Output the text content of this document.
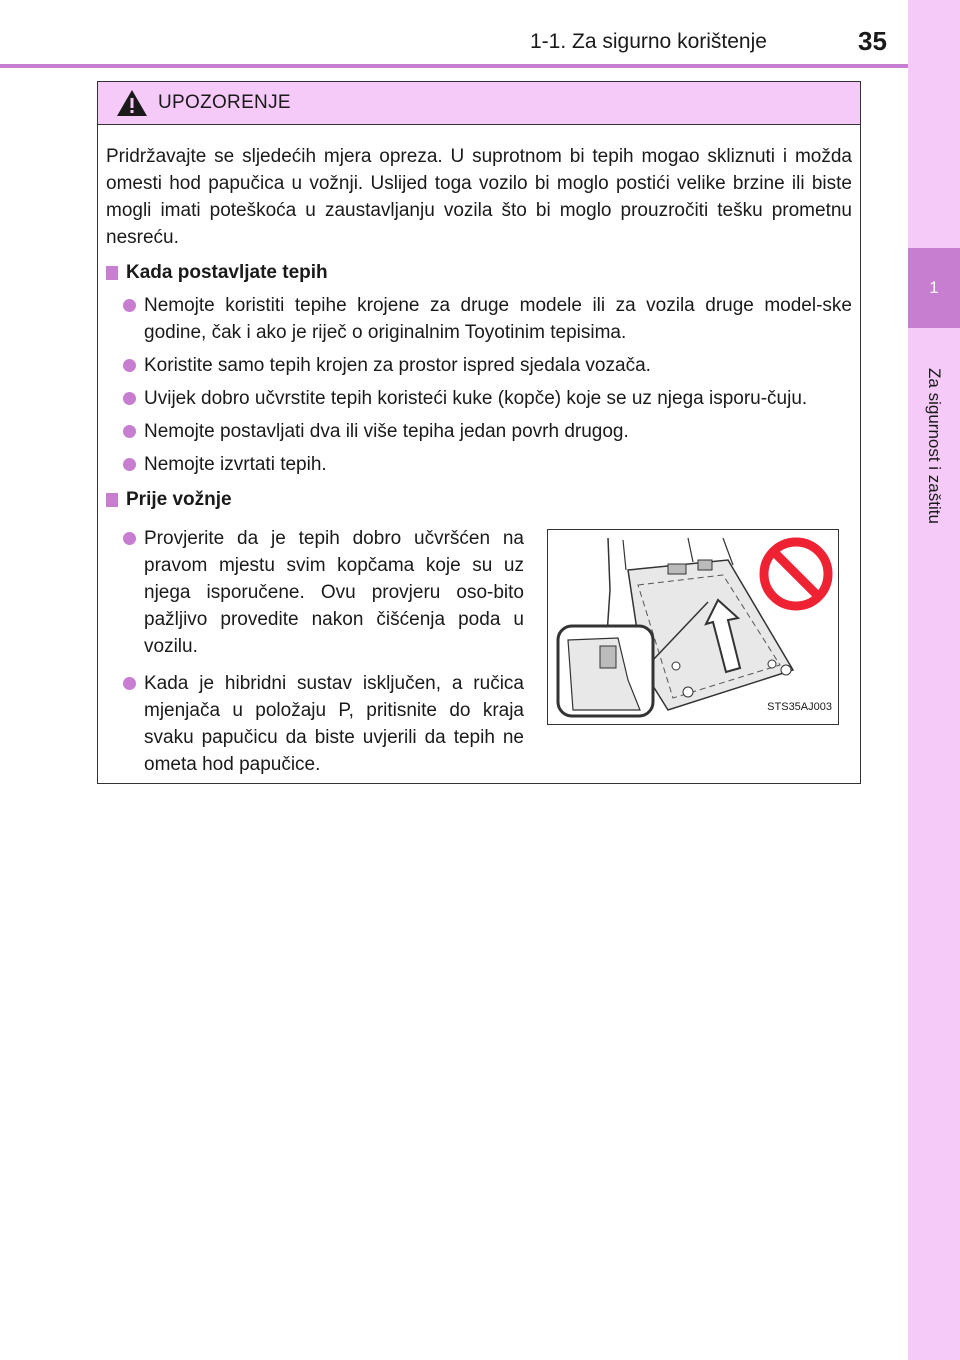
1-1. Za sigurno korištenje	35
1
Za sigurnost i zaštitu
UPOZORENJE

Pridržavajte se sljedećih mjera opreza. U suprotnom bi tepih mogao skliznuti i možda omesti hod papučica u vožnji. Uslijed toga vozilo bi moglo postići velike brzine ili biste mogli imati poteškoća u zaustavljanju vozila što bi moglo prouzročiti tešku prometnu nesreću.

Kada postavljate tepih
Nemojte koristiti tepihe krojene za druge modele ili za vozila druge model-ske godine, čak i ako je riječ o originalnim Toyotinim tepisima.
Koristite samo tepih krojen za prostor ispred sjedala vozača.
Uvijek dobro učvrstite tepih koristeći kuke (kopče) koje se uz njega isporu-čuju.
Nemojte postavljati dva ili više tepiha jedan povrh drugog.
Nemojte izvrtati tepih.
Prije vožnje
Provjerite da je tepih dobro učvršćen na pravom mjestu svim kopčama koje su uz njega isporučene. Ovu provjeru oso-bito pažljivo provedite nakon čišćenja poda u vozilu.
Kada je hibridni sustav isključen, a ručica mjenjača u položaju P, pritisnite do kraja svaku papučicu da biste uvjerili da tepih ne ometa hod papučice.
STS35AJ003
